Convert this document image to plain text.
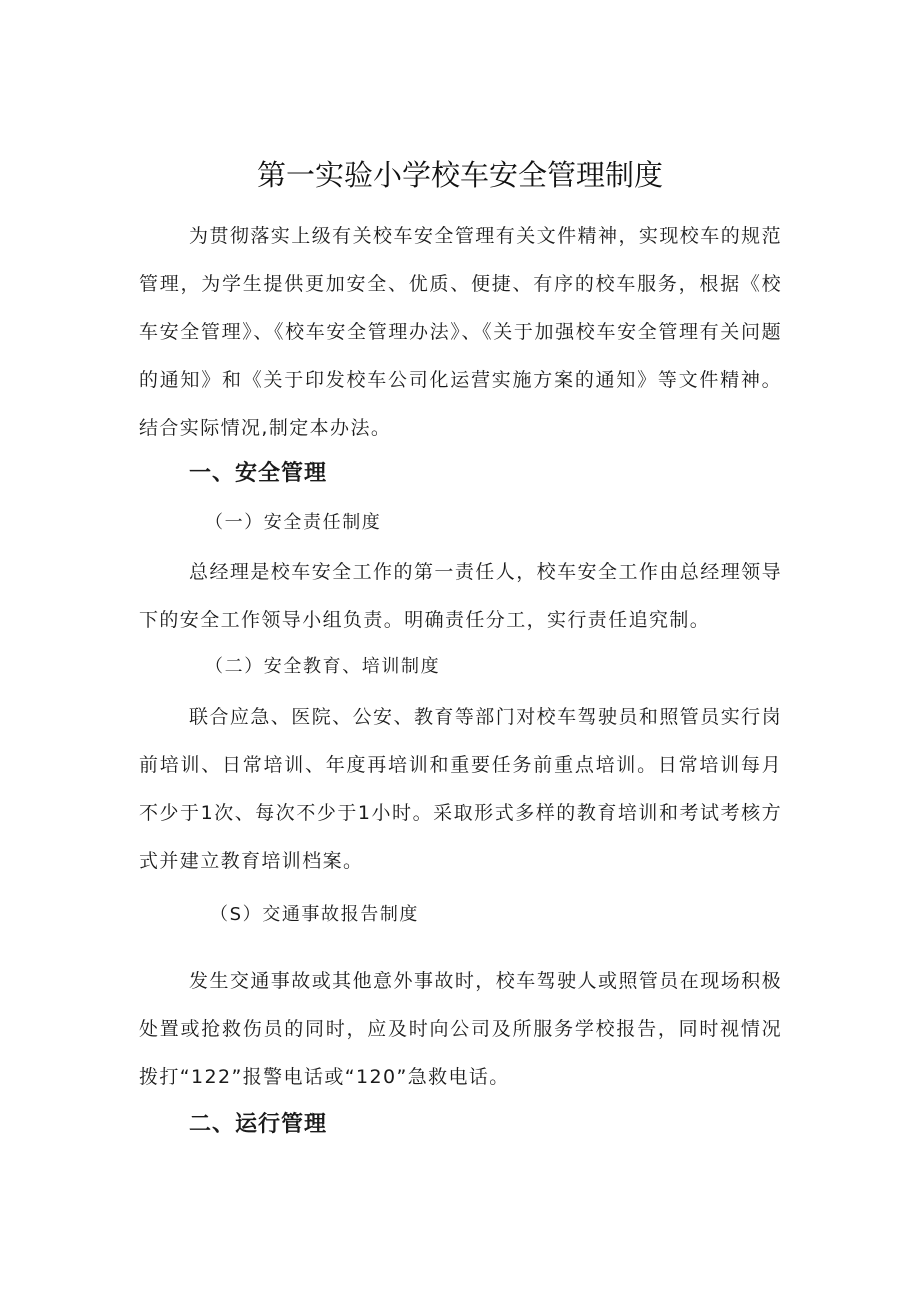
第一实验小学校车安全管理制度

为贯彻落实上级有关校车安全管理有关文件精神，实现校车的规范管理，为学生提供更加安全、优质、便捷、有序的校车服务，根据《校车安全管理》、《校车安全管理办法》、《关于加强校车安全管理有关问题的通知》和《关于印发校车公司化运营实施方案的通知》等文件精神。结合实际情况,制定本办法。

一、安全管理

（一）安全责任制度

总经理是校车安全工作的第一责任人，校车安全工作由总经理领导下的安全工作领导小组负责。明确责任分工，实行责任追究制。

（二）安全教育、培训制度

联合应急、医院、公安、教育等部门对校车驾驶员和照管员实行岗前培训、日常培训、年度再培训和重要任务前重点培训。日常培训每月不少于1次、每次不少于1小时。采取形式多样的教育培训和考试考核方式并建立教育培训档案。

（S）交通事故报告制度

发生交通事故或其他意外事故时，校车驾驶人或照管员在现场积极处置或抢救伤员的同时，应及时向公司及所服务学校报告，同时视情况拨打“122”报警电话或“120”急救电话。

二、运行管理
